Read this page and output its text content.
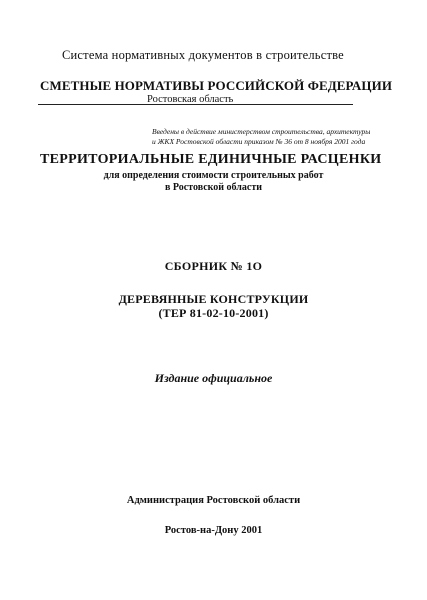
Система нормативных документов в строительстве
СМЕТНЫЕ НОРМАТИВЫ РОССИЙСКОЙ ФЕДЕРАЦИИ
Ростовская область
Введены в действие министерством строительства, архитектуры
и ЖКХ Ростовской области приказом № 36 от 8 ноября 2001 года
ТЕРРИТОРИАЛЬНЫЕ ЕДИНИЧНЫЕ РАСЦЕНКИ
для определения стоимости строительных работ
в Ростовской области
СБОРНИК № 1О
ДЕРЕВЯННЫЕ КОНСТРУКЦИИ
(ТЕР 81-02-10-2001)
Издание официальное
Администрация Ростовской области
Ростов-на-Дону 2001
